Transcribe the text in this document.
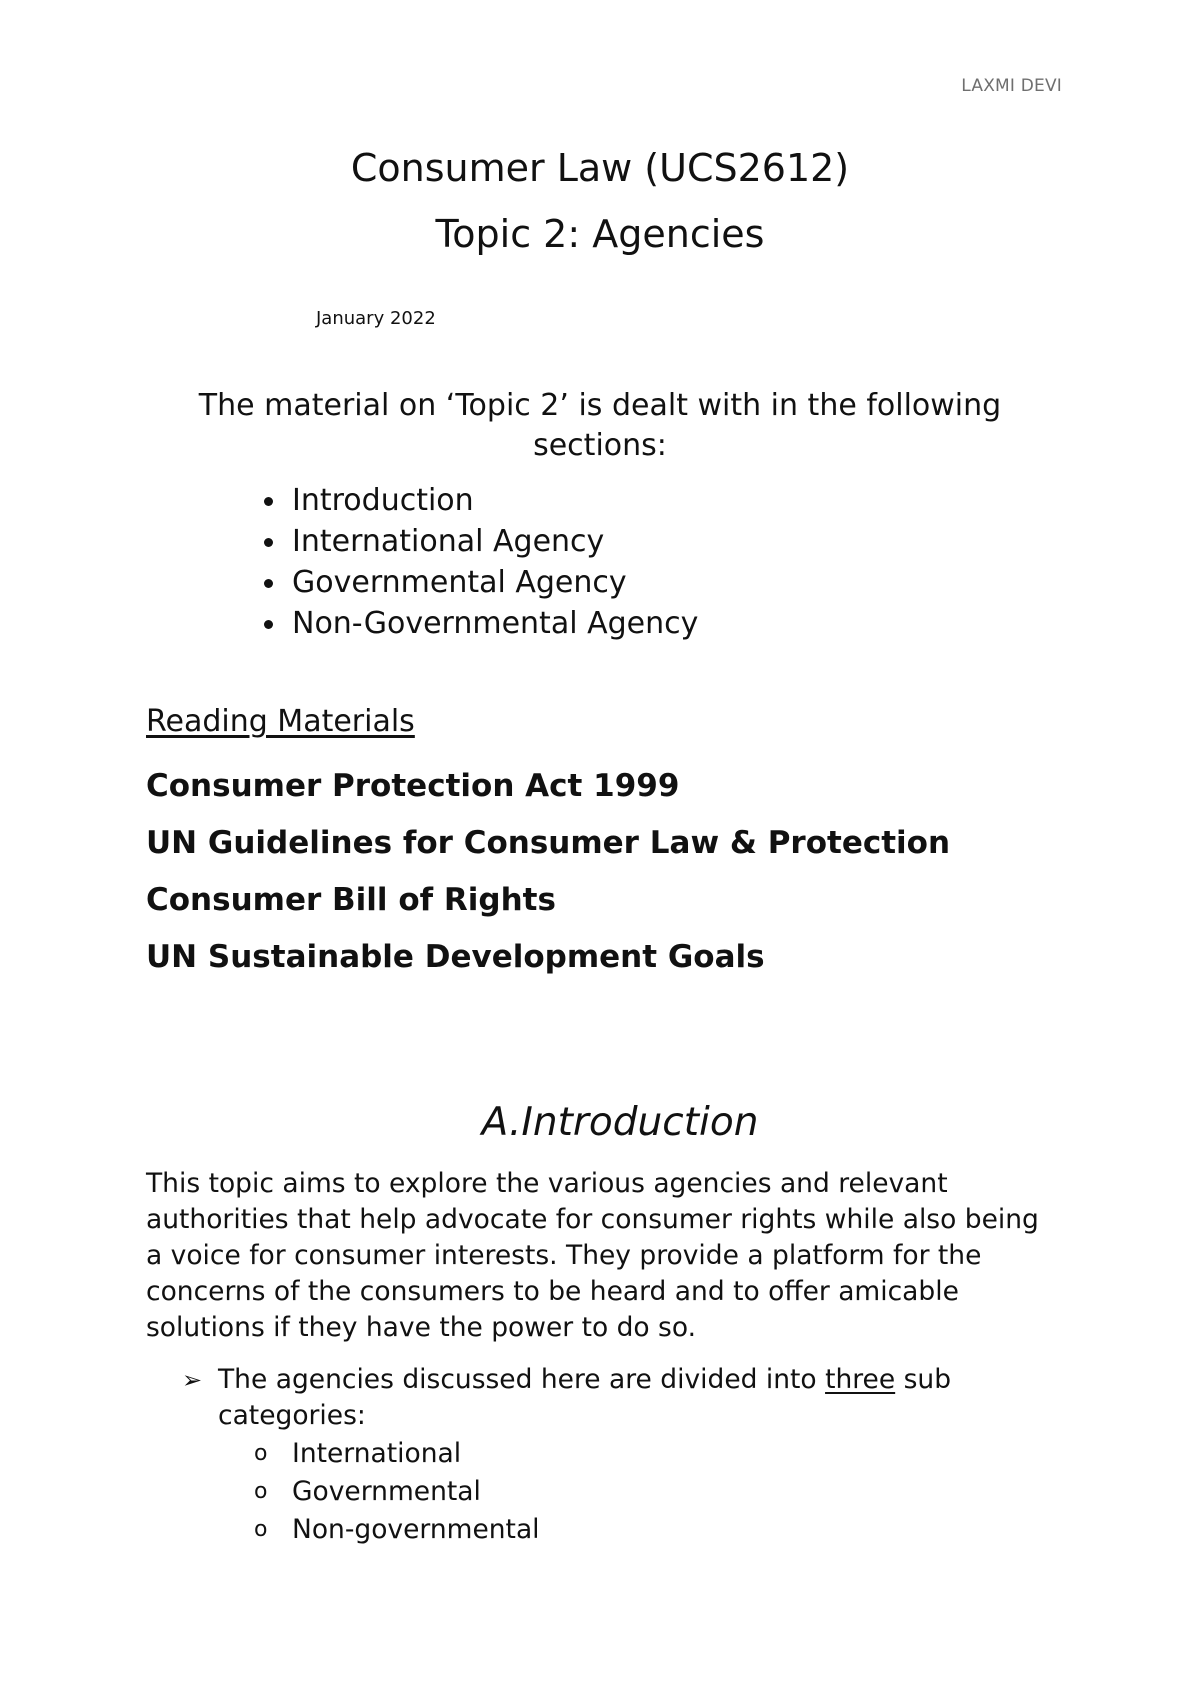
LAXMI DEVI
Consumer Law (UCS2612)
Topic 2: Agencies
January 2022
The material on ‘Topic 2’ is dealt with in the following sections:
Introduction
International Agency
Governmental Agency
Non-Governmental Agency
Reading Materials
Consumer Protection Act 1999
UN Guidelines for Consumer Law & Protection
Consumer Bill of Rights
UN Sustainable Development Goals
A.Introduction

This topic aims to explore the various agencies and relevant authorities that help advocate for consumer rights while also being a voice for consumer interests. They provide a platform for the concerns of the consumers to be heard and to offer amicable solutions if they have the power to do so.

➢ The agencies discussed here are divided into three sub categories:
o International
o Governmental
o Non-governmental
